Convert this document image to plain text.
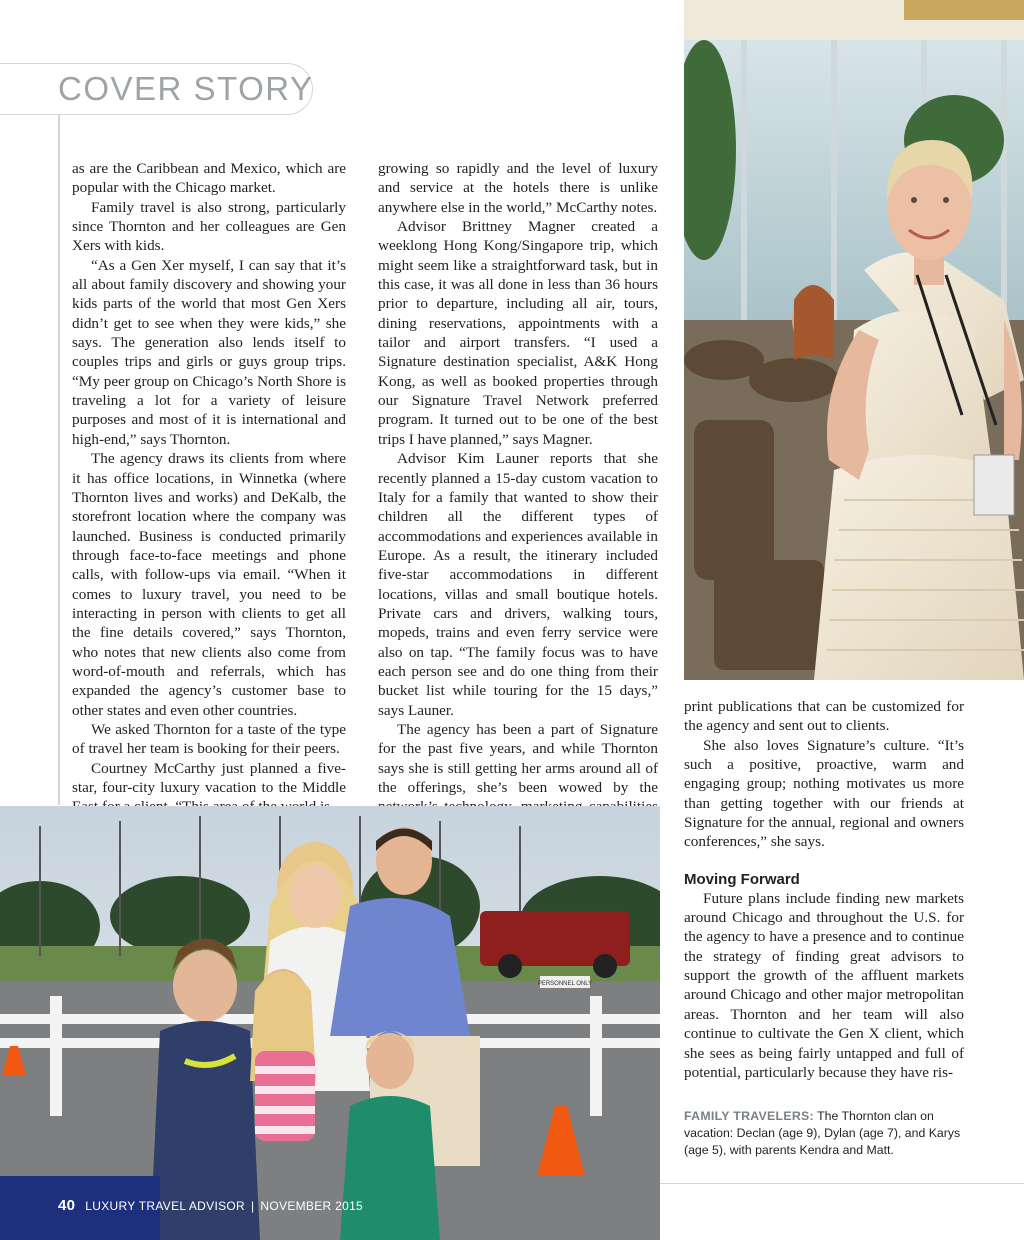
COVER STORY

as are the Caribbean and Mexico, which are popular with the Chicago market.

Family travel is also strong, particularly since Thornton and her colleagues are Gen Xers with kids.

“As a Gen Xer myself, I can say that it’s all about family discovery and showing your kids parts of the world that most Gen Xers didn’t get to see when they were kids,” she says. The generation also lends itself to couples trips and girls or guys group trips. “My peer group on Chicago’s North Shore is traveling a lot for a variety of leisure purposes and most of it is international and high-end,” says Thornton.

The agency draws its clients from where it has office locations, in Winnetka (where Thornton lives and works) and DeKalb, the storefront location where the company was launched. Business is conducted primarily through face-to-face meetings and phone calls, with follow-ups via email. “When it comes to luxury travel, you need to be interacting in person with clients to get all the fine details covered,” says Thornton, who notes that new clients also come from word-of-mouth and referrals, which has expanded the agency’s customer base to other states and even other countries.

We asked Thornton for a taste of the type of travel her team is booking for their peers.

Courtney McCarthy just planned a five-star, four-city luxury vacation to the Middle

growing so rapidly and the level of luxury and service at the hotels there is unlike anywhere else in the world,” McCarthy notes.

Advisor Brittney Magner created a weeklong Hong Kong/Singapore trip, which might seem like a straightforward task, but in this case, it was all done in less than 36 hours prior to departure, including all air, tours, dining reservations, appointments with a tailor and airport transfers. “I used a Signature destination specialist, A&K Hong Kong, as well as booked properties through our Signature Travel Network preferred program. It turned out to be one of the best trips I have planned,” says Magner.

Advisor Kim Launer reports that she recently planned a 15-day custom vacation to Italy for a family that wanted to show their children all the different types of accommodations and experiences available in Europe. As a result, the itinerary included five-star accommodations in different locations, villas and small boutique hotels. Private cars and drivers, walking tours, mopeds, trains and even ferry service were also on tap. “The family focus was to have each person see and do one thing from their bucket list while touring for the 15 days,” says Launer.

The agency has been a part of Signature for the past five years, and while Thornton says she is still getting her arms around all of the offerings, she’s been wowed by the

print publications that can be customized for the agency and sent out to clients.

She also loves Signature’s culture. “It’s such a positive, proactive, warm and engaging group; nothing motivates us more than getting together with our friends at Signature for the annual, regional and owners conferences,” she says.

Moving Forward

Future plans include finding new markets around Chicago and throughout the U.S. for the agency to have a presence and to continue the strategy of finding great advisors to support the growth of the affluent markets around Chicago and other major metropolitan areas. Thornton and her team will also continue to cultivate the Gen X client, which she sees as being fairly untapped and full of potential, particularly because they have ris-

PERSONNEL ONLY
FAMILY TRAVELERS: The Thornton clan on vacation: Declan (age 9), Dylan (age 7), and Karys (age 5), with parents Kendra and Matt.
40 LUXURY TRAVEL ADVISOR | NOVEMBER 2015
